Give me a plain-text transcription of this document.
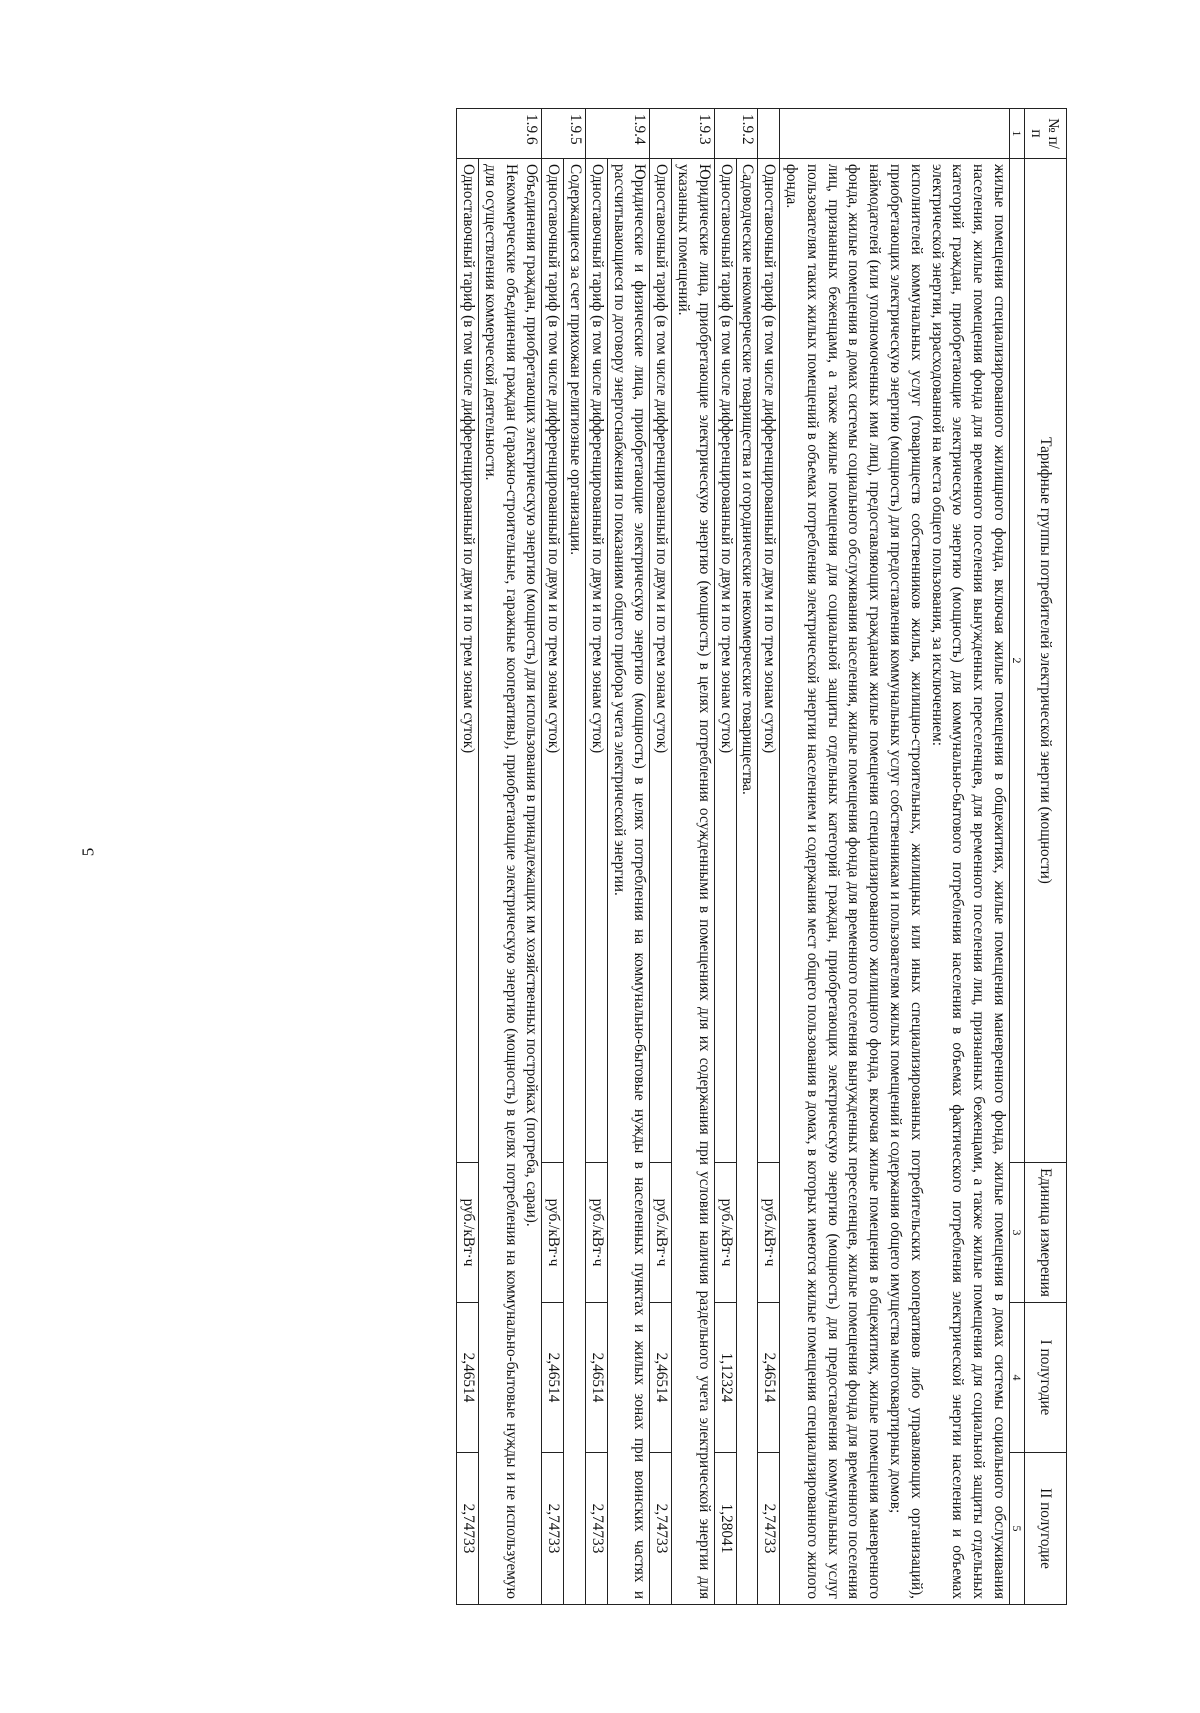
5
№ п/п	Тарифные группы потребителей электрической энергии (мощности)	Единица измерения	I полугодие	II полугодие
1	2	3	4	5

	жилые помещения специализированного жилищного фонда, включая жилые помещения в общежитиях, жилые помещения маневренного фонда, жилые помещения в домах системы социального обслуживания населения, жилые помещения фонда для временного поселения вынужденных переселенцев, для временного поселения лиц, признанных беженцами, а также жилые помещения для социальной защиты отдельных категорий граждан, приобретающие электрическую энергию (мощность) для коммунально-бытового потребления населения в объемах фактического потребления электрической энергии населения и объемах электрической энергии, израсходованной на места общего пользования, за исключением:

исполнителей коммунальных услуг (товариществ собственников жилья, жилищно-строительных, жилищных или иных специализированных потребительских кооперативов либо управляющих организаций), приобретающих электрическую энергию (мощность) для предоставления коммунальных услуг собственникам и пользователям жилых помещений и содержания общего имущества многоквартирных домов;

наймодателей (или уполномоченных ими лиц), предоставляющих гражданам жилые помещения специализированного жилищного фонда, включая жилые помещения в общежитиях, жилые помещения маневренного фонда, жилые помещения в домах системы социального обслуживания населения, жилые помещения фонда для временного поселения вынужденных переселенцев, жилые помещения фонда для временного поселения лиц, признанных беженцами, а также жилые помещения для социальной защиты отдельных категорий граждан, приобретающих электрическую энергию (мощность) для предоставления коммунальных услуг пользователям таких жилых помещений в объемах потребления электрической энергии населением и содержания мест общего пользования в домах, в которых имеются жилые помещения специализированного жилого фонда.			

	Одноставочный тариф (в том числе дифференцированный по двум и по трем зонам суток)	руб./кВт·ч	2,46514	2,74733
1.9.2	Садоводческие некоммерческие товарищества и огороднические некоммерческие товарищества.			
	Одноставочный тариф (в том числе дифференцированный по двум и по трем зонам суток)	руб./кВт·ч	1,12324	1,28041
1.9.3	Юридические лица, приобретающие электрическую энергию (мощность) в целях потребления осужденными в помещениях для их содержания при условии наличия раздельного учета электрической энергии для указанных помещений.			
	Одноставочный тариф (в том числе дифференцированный по двум и по трем зонам суток)	руб./кВт·ч	2,46514	2,74733
1.9.4	Юридические и физические лица, приобретающие электрическую энергию (мощность) в целях потребления на коммунально-бытовые нужды в населенных пунктах и жилых зонах при воинских частях и рассчитывающиеся по договору энергоснабжения по показаниям общего прибора учета электрической энергии.			
	Одноставочный тариф (в том числе дифференцированный по двум и по трем зонам суток)	руб./кВт·ч	2,46514	2,74733
1.9.5	Содержащиеся за счет прихожан религиозные организации.			
	Одноставочный тариф (в том числе дифференцированный по двум и по трем зонам суток)	руб./кВт·ч	2,46514	2,74733
1.9.6	Объединения граждан, приобретающих электрическую энергию (мощность) для использования в принадлежащих им хозяйственных постройках (погреба, сараи).

Некоммерческие объединения граждан (гаражно-строительные, гаражные кооперативы), приобретающие электрическую энергию (мощность) в целях потребления на коммунально-бытовые нужды и не используемую для осуществления коммерческой деятельности.			

	Одноставочный тариф (в том числе дифференцированный по двум и по трем зонам суток)	руб./кВт·ч	2,46514	2,74733
